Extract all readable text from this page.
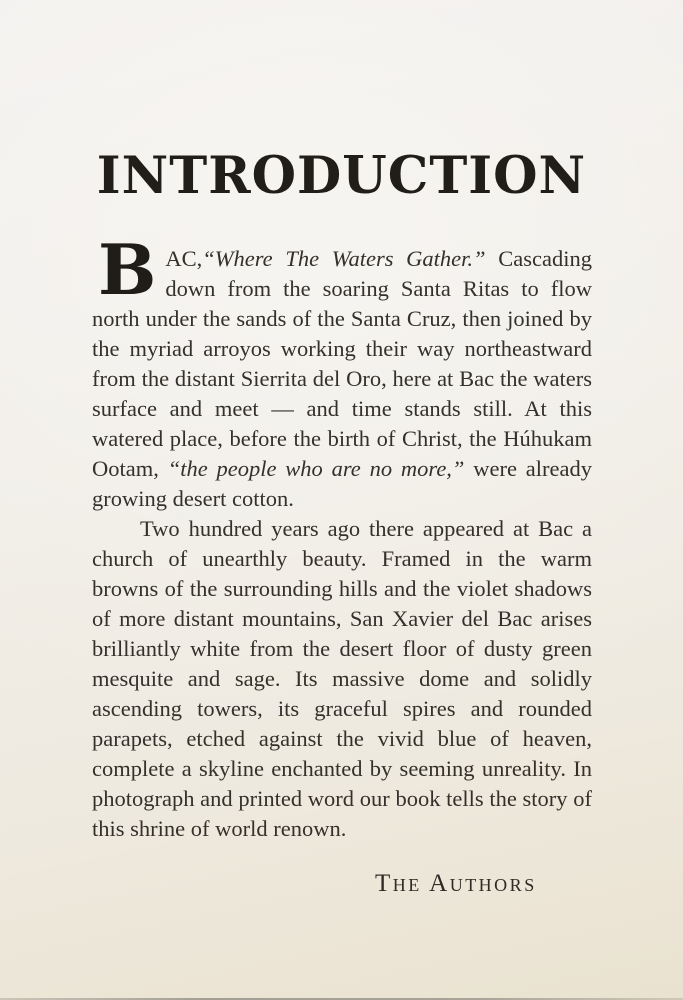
INTRODUCTION

BAC,“Where The Waters Gather.” Cascading down from the soaring Santa Ritas to flow north under the sands of the Santa Cruz, then joined by the myriad arroyos working their way northeastward from the distant Sierrita del Oro, here at Bac the waters surface and meet — and time stands still. At this watered place, before the birth of Christ, the Húhukam Ootam, “the people who are no more,” were already growing desert cotton.

Two hundred years ago there appeared at Bac a church of unearthly beauty. Framed in the warm browns of the surrounding hills and the violet shadows of more distant mountains, San Xavier del Bac arises brilliantly white from the desert floor of dusty green mesquite and sage. Its massive dome and solidly ascending towers, its graceful spires and rounded parapets, etched against the vivid blue of heaven, complete a skyline enchanted by seeming unreality. In photograph and printed word our book tells the story of this shrine of world renown.

The Authors
